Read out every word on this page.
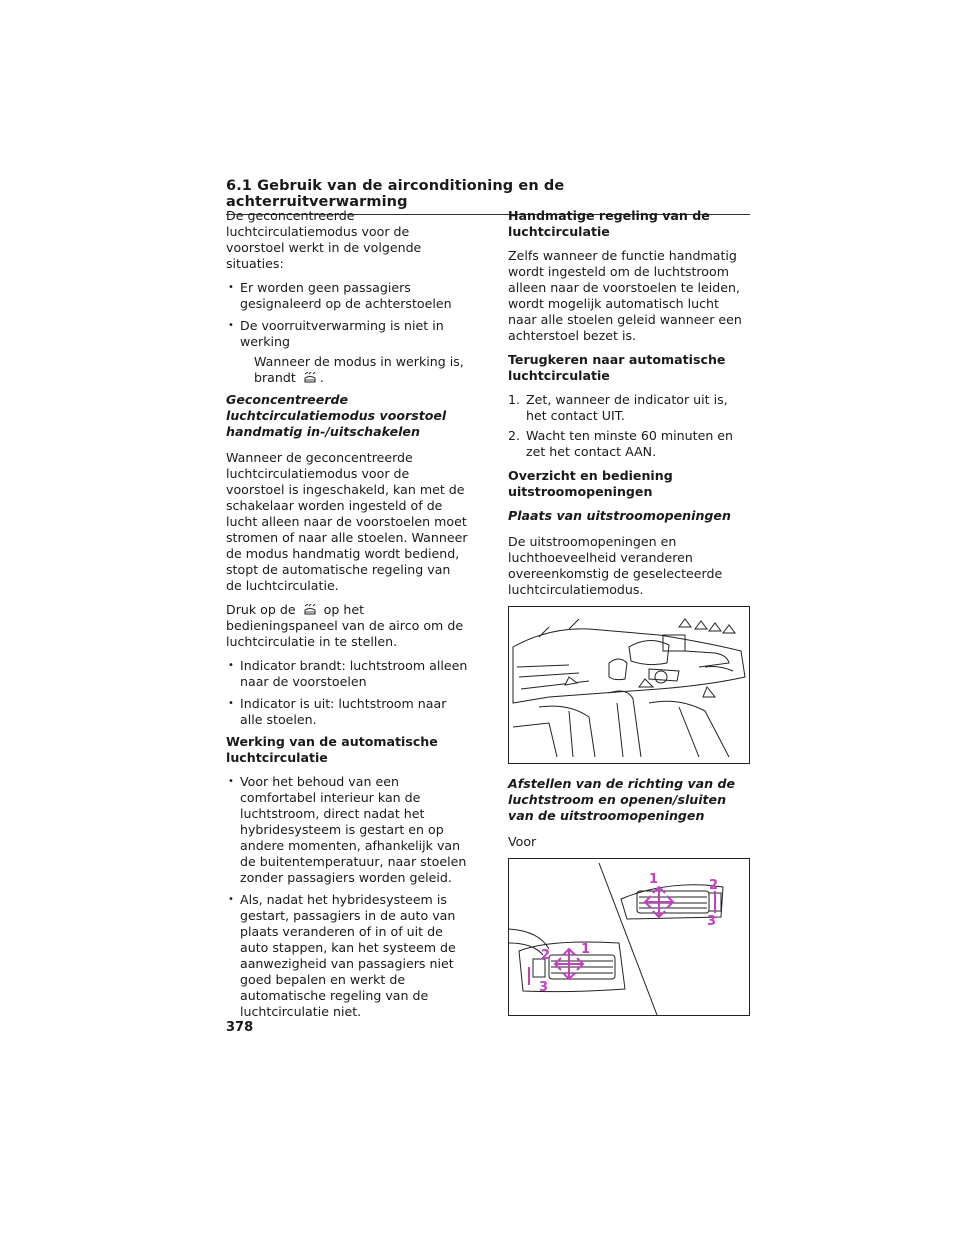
6.1 Gebruik van de airconditioning en de achterruitverwarming

De geconcentreerde luchtcirculatiemodus voor de voorstoel werkt in de volgende situaties:

• Er worden geen passagiers gesignaleerd op de achterstoelen
• De voorruitverwarming is niet in werking
Wanneer de modus in werking is, brandt .
Geconcentreerde luchtcirculatiemodus voorstoel handmatig in-/uitschakelen

Wanneer de geconcentreerde luchtcirculatiemodus voor de voorstoel is ingeschakeld, kan met de schakelaar worden ingesteld of de lucht alleen naar de voorstoelen moet stromen of naar alle stoelen. Wanneer de modus handmatig wordt bediend, stopt de automatische regeling van de luchtcirculatie.

Druk op de op het bedieningspaneel van de airco om de luchtcirculatie in te stellen.

• Indicator brandt: luchtstroom alleen naar de voorstoelen
• Indicator is uit: luchtstroom naar alle stoelen.
Werking van de automatische luchtcirculatie
• Voor het behoud van een comfortabel interieur kan de luchtstroom, direct nadat het hybridesysteem is gestart en op andere momenten, afhankelijk van de buitentemperatuur, naar stoelen zonder passagiers worden geleid.
• Als, nadat het hybridesysteem is gestart, passagiers in de auto van plaats veranderen of in of uit de auto stappen, kan het systeem de aanwezigheid van passagiers niet goed bepalen en werkt de automatische regeling van de luchtcirculatie niet.
Handmatige regeling van de luchtcirculatie

Zelfs wanneer de functie handmatig wordt ingesteld om de luchtstroom alleen naar de voorstoelen te leiden, wordt mogelijk automatisch lucht naar alle stoelen geleid wanneer een achterstoel bezet is.

Terugkeren naar automatische luchtcirculatie
1. Zet, wanneer de indicator uit is, het contact UIT.
2. Wacht ten minste 60 minuten en zet het contact AAN.
Overzicht en bediening uitstroomopeningen
Plaats van uitstroomopeningen

De uitstroomopeningen en luchthoeveelheid veranderen overeenkomstig de geselecteerde luchtcirculatiemodus.

Afstellen van de richting van de luchtstroom en openen/sluiten van de uitstroomopeningen

Voor

1	2
3
1
2
3
378
